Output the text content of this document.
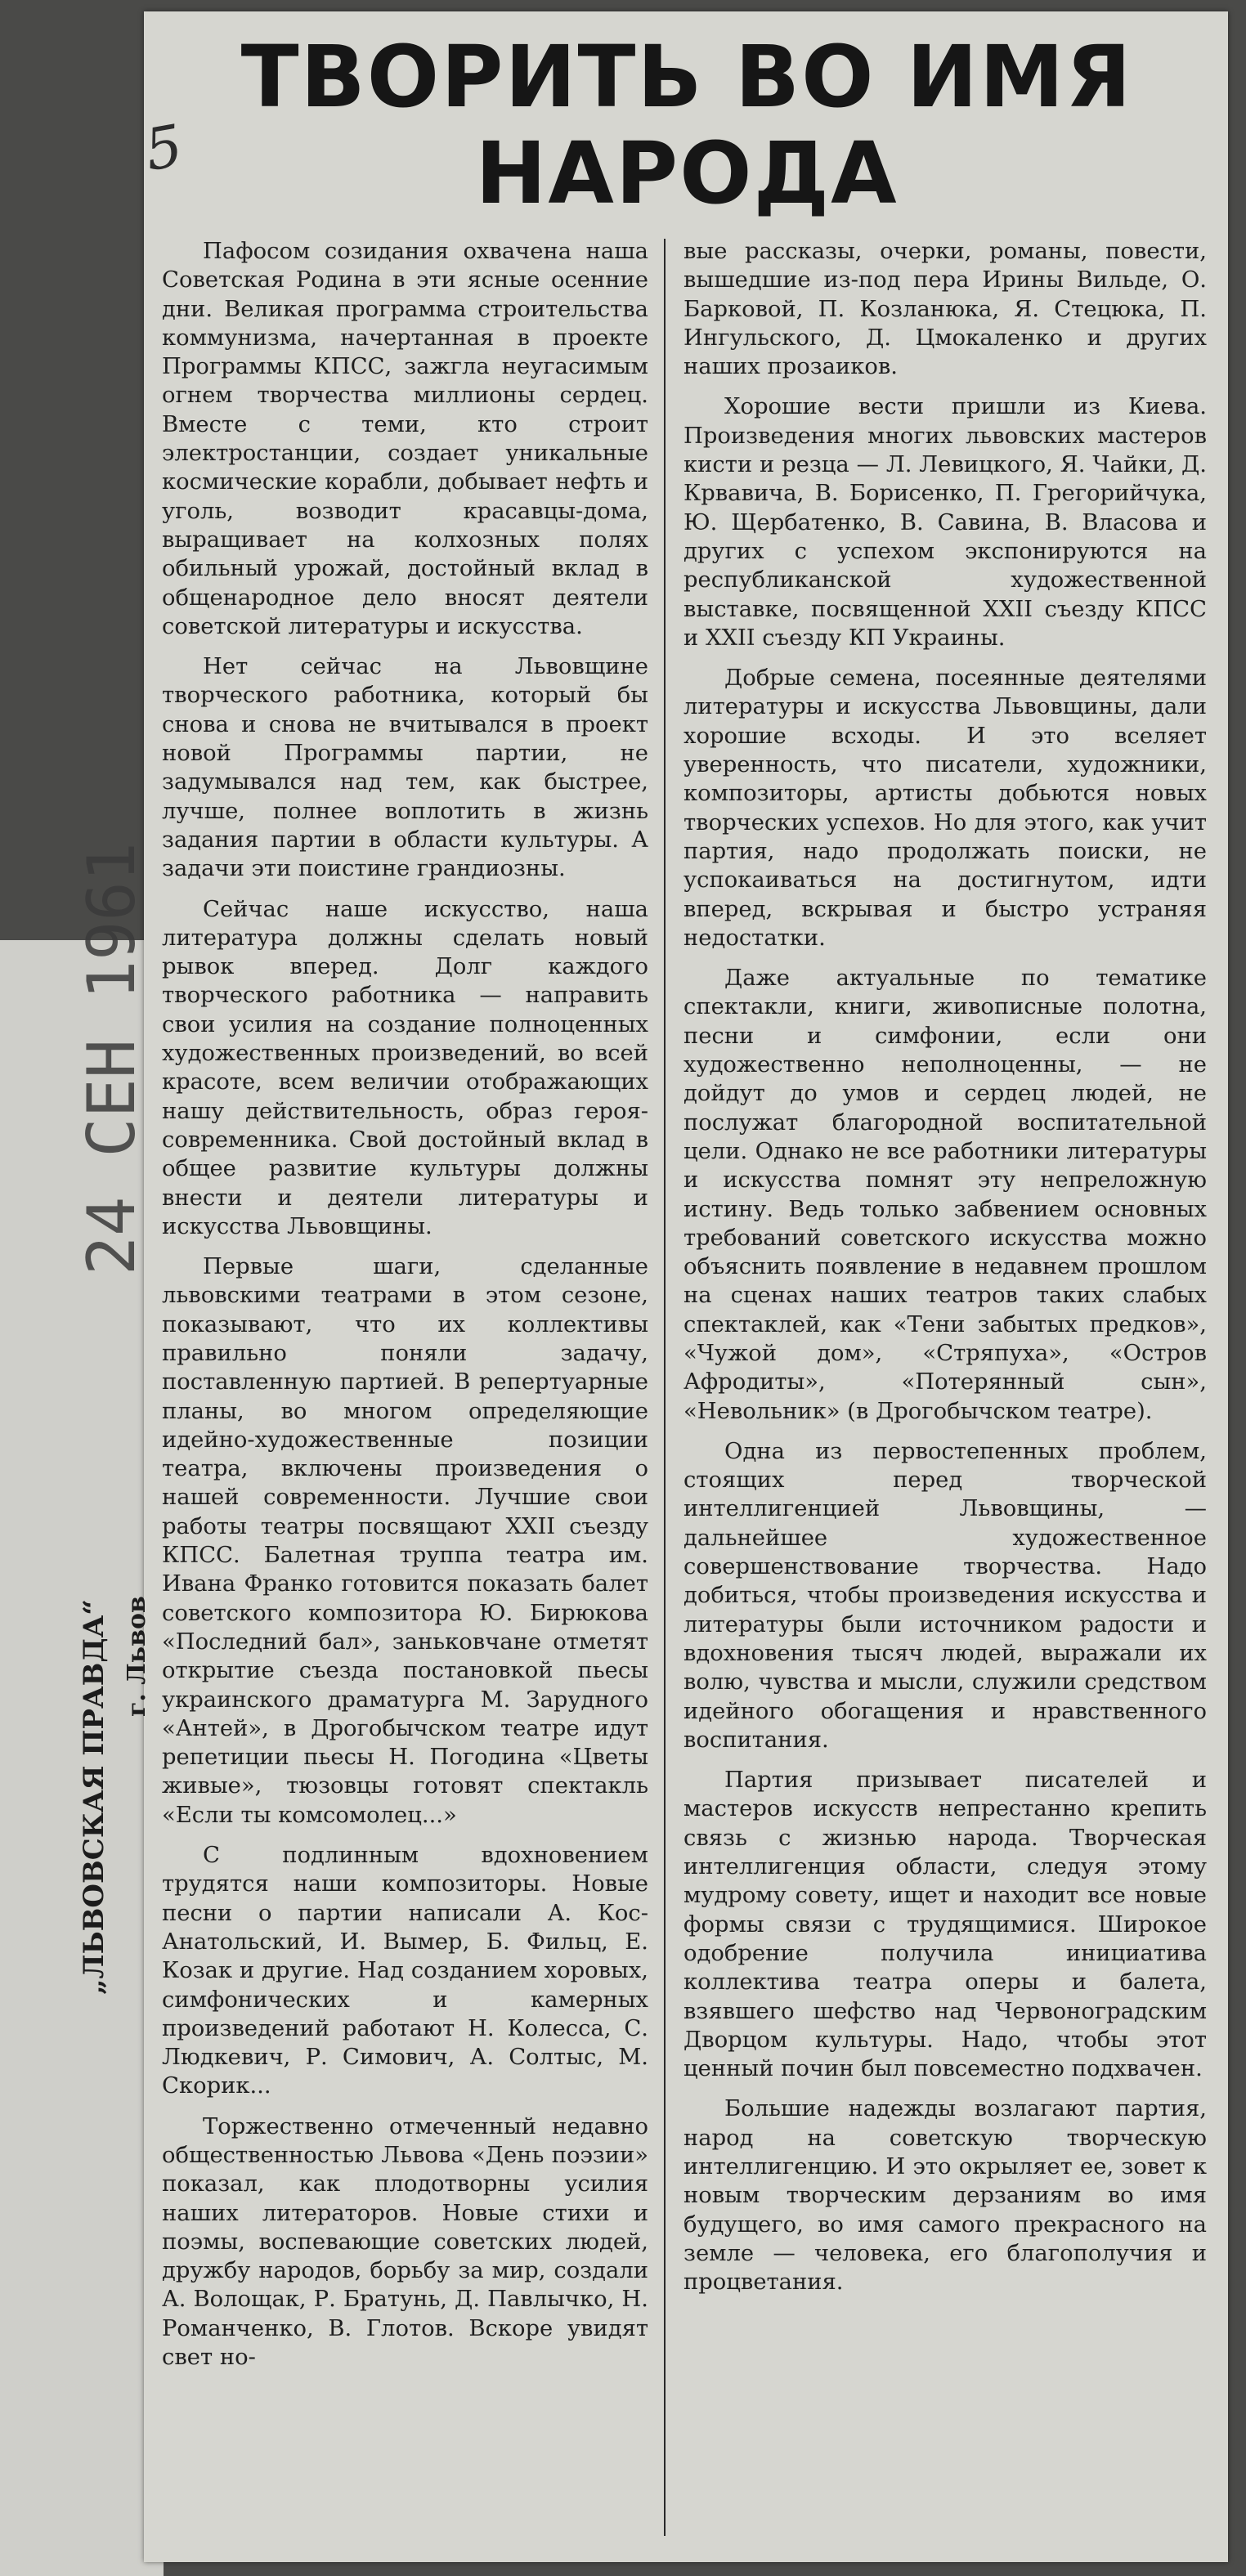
5
ТВОРИТЬ ВО ИМЯ НАРОДА

Пафосом созидания охвачена наша Советская Родина в эти ясные осенние дни. Великая программа строительства коммунизма, начертанная в проекте Программы КПСС, зажгла неугасимым огнем творчества миллионы сердец. Вместе с теми, кто строит электростанции, создает уникальные космические корабли, добывает нефть и уголь, возводит красавцы-дома, выращивает на колхозных полях обильный урожай, достойный вклад в общенародное дело вносят деятели советской литературы и искусства.

Нет сейчас на Львовщине творческого работника, который бы снова и снова не вчитывался в проект новой Программы партии, не задумывался над тем, как быстрее, лучше, полнее воплотить в жизнь задания партии в области культуры. А задачи эти поистине грандиозны.

Сейчас наше искусство, наша литература должны сделать новый рывок вперед. Долг каждого творческого работника — направить свои усилия на создание полноценных художественных произведений, во всей красоте, всем величии отображающих нашу действительность, образ героя-современника. Свой достойный вклад в общее развитие культуры должны внести и деятели литературы и искусства Львовщины.

Первые шаги, сделанные львовскими театрами в этом сезоне, показывают, что их коллективы правильно поняли задачу, поставленную партией. В репертуарные планы, во многом определяющие идейно-художественные позиции театра, включены произведения о нашей современности. Лучшие свои работы театры посвящают XXII съезду КПСС. Балетная труппа театра им. Ивана Франко готовится показать балет советского композитора Ю. Бирюкова «Последний бал», заньковчане отметят открытие съезда постановкой пьесы украинского драматурга М. Зарудного «Антей», в Дрогобычском театре идут репетиции пьесы Н. Погодина «Цветы живые», тюзовцы готовят спектакль «Если ты комсомолец...»

С подлинным вдохновением трудятся наши композиторы. Новые песни о партии написали А. Кос-Анатольский, И. Вымер, Б. Фильц, Е. Козак и другие. Над созданием хоровых, симфонических и камерных произведений работают Н. Колесса, С. Людкевич, Р. Симович, А. Солтыс, М. Скорик...

Торжественно отмеченный недавно общественностью Львова «День поэзии» показал, как плодотворны усилия наших литераторов. Новые стихи и поэмы, воспевающие советских людей, дружбу народов, борьбу за мир, создали А. Волощак, Р. Братунь, Д. Павлычко, Н. Романченко, В. Глотов. Вскоре увидят свет но-

вые рассказы, очерки, романы, повести, вышедшие из-под пера Ирины Вильде, О. Барковой, П. Козланюка, Я. Стецюка, П. Ингульского, Д. Цмокаленко и других наших прозаиков.

Хорошие вести пришли из Киева. Произведения многих львовских мастеров кисти и резца — Л. Левицкого, Я. Чайки, Д. Крвавича, В. Борисенко, П. Грегорийчука, Ю. Щербатенко, В. Савина, В. Власова и других с успехом экспонируются на республиканской художественной выставке, посвященной XXII съезду КПСС и XXII съезду КП Украины.

Добрые семена, посеянные деятелями литературы и искусства Львовщины, дали хорошие всходы. И это вселяет уверенность, что писатели, художники, композиторы, артисты добьются новых творческих успехов. Но для этого, как учит партия, надо продолжать поиски, не успокаиваться на достигнутом, идти вперед, вскрывая и быстро устраняя недостатки.

Даже актуальные по тематике спектакли, книги, живописные полотна, песни и симфонии, если они художественно неполноценны, — не дойдут до умов и сердец людей, не послужат благородной воспитательной цели. Однако не все работники литературы и искусства помнят эту непреложную истину. Ведь только забвением основных требований советского искусства можно объяснить появление в недавнем прошлом на сценах наших театров таких слабых спектаклей, как «Тени забытых предков», «Чужой дом», «Стряпуха», «Остров Афродиты», «Потерянный сын», «Невольник» (в Дрогобычском театре).

Одна из первостепенных проблем, стоящих перед творческой интеллигенцией Львовщины, — дальнейшее художественное совершенствование творчества. Надо добиться, чтобы произведения искусства и литературы были источником радости и вдохновения тысяч людей, выражали их волю, чувства и мысли, служили средством идейного обогащения и нравственного воспитания.

Партия призывает писателей и мастеров искусств непрестанно крепить связь с жизнью народа. Творческая интеллигенция области, следуя этому мудрому совету, ищет и находит все новые формы связи с трудящимися. Широкое одобрение получила инициатива коллектива театра оперы и балета, взявшего шефство над Червоноградским Дворцом культуры. Надо, чтобы этот ценный почин был повсеместно подхвачен.

Большие надежды возлагают партия, народ на советскую творческую интеллигенцию. И это окрыляет ее, зовет к новым творческим дерзаниям во имя будущего, во имя самого прекрасного на земле — человека, его благополучия и процветания.

24 СЕН 1961
г. Львов
„ЛЬВОВСКАЯ ПРАВДА“
